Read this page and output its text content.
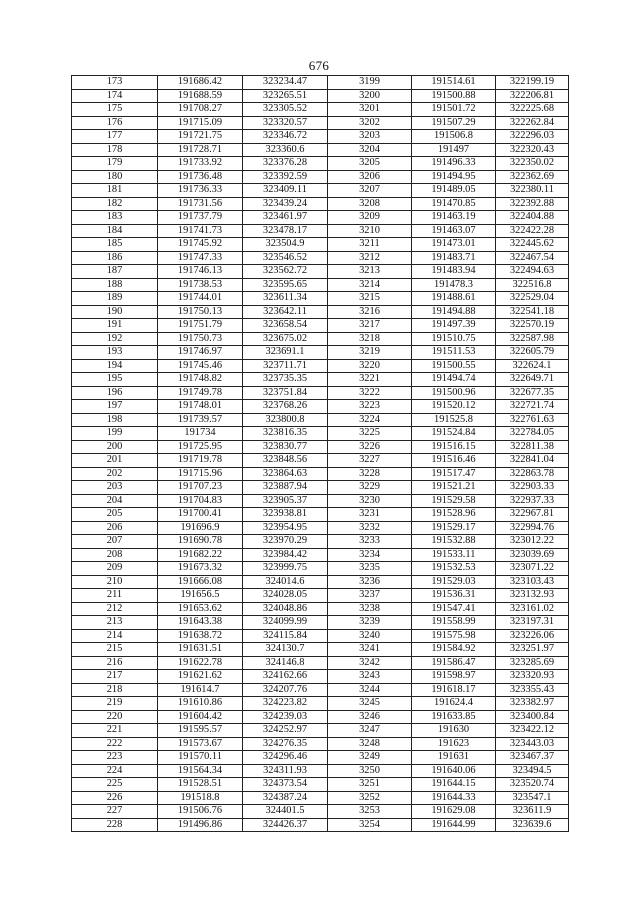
676
173	191686.42	323234.47	3199	191514.61	322199.19
174	191688.59	323265.51	3200	191500.88	322206.81
175	191708.27	323305.52	3201	191501.72	322225.68
176	191715.09	323320.57	3202	191507.29	322262.84
177	191721.75	323346.72	3203	191506.8	322296.03
178	191728.71	323360.6	3204	191497	322320.43
179	191733.92	323376.28	3205	191496.33	322350.02
180	191736.48	323392.59	3206	191494.95	322362.69
181	191736.33	323409.11	3207	191489.05	322380.11
182	191731.56	323439.24	3208	191470.85	322392.88
183	191737.79	323461.97	3209	191463.19	322404.88
184	191741.73	323478.17	3210	191463.07	322422.28
185	191745.92	323504.9	3211	191473.01	322445.62
186	191747.33	323546.52	3212	191483.71	322467.54
187	191746.13	323562.72	3213	191483.94	322494.63
188	191738.53	323595.65	3214	191478.3	322516.8
189	191744.01	323611.34	3215	191488.61	322529.04
190	191750.13	323642.11	3216	191494.88	322541.18
191	191751.79	323658.54	3217	191497.39	322570.19
192	191750.73	323675.02	3218	191510.75	322587.98
193	191746.97	323691.1	3219	191511.53	322605.79
194	191745.46	323711.71	3220	191500.55	322624.1
195	191748.82	323735.35	3221	191494.74	322649.71
196	191749.78	323751.84	3222	191500.96	322677.35
197	191748.01	323768.26	3223	191520.12	322721.74
198	191739.57	323800.8	3224	191525.8	322761.63
199	191734	323816.35	3225	191524.84	322784.05
200	191725.95	323830.77	3226	191516.15	322811.38
201	191719.78	323848.56	3227	191516.46	322841.04
202	191715.96	323864.63	3228	191517.47	322863.78
203	191707.23	323887.94	3229	191521.21	322903.33
204	191704.83	323905.37	3230	191529.58	322937.33
205	191700.41	323938.81	3231	191528.96	322967.81
206	191696.9	323954.95	3232	191529.17	322994.76
207	191690.78	323970.29	3233	191532.88	323012.22
208	191682.22	323984.42	3234	191533.11	323039.69
209	191673.32	323999.75	3235	191532.53	323071.22
210	191666.08	324014.6	3236	191529.03	323103.43
211	191656.5	324028.05	3237	191536.31	323132.93
212	191653.62	324048.86	3238	191547.41	323161.02
213	191643.38	324099.99	3239	191558.99	323197.31
214	191638.72	324115.84	3240	191575.98	323226.06
215	191631.51	324130.7	3241	191584.92	323251.97
216	191622.78	324146.8	3242	191586.47	323285.69
217	191621.62	324162.66	3243	191598.97	323320.93
218	191614.7	324207.76	3244	191618.17	323355.43
219	191610.86	324223.82	3245	191624.4	323382.97
220	191604.42	324239.03	3246	191633.85	323400.84
221	191595.57	324252.97	3247	191630	323422.12
222	191573.67	324276.35	3248	191623	323443.03
223	191570.11	324296.46	3249	191631	323467.37
224	191564.34	324311.93	3250	191640.06	323494.5
225	191528.51	324373.54	3251	191644.15	323520.74
226	191518.8	324387.24	3252	191644.33	323547.1
227	191506.76	324401.5	3253	191629.08	323611.9
228	191496.86	324426.37	3254	191644.99	323639.6
